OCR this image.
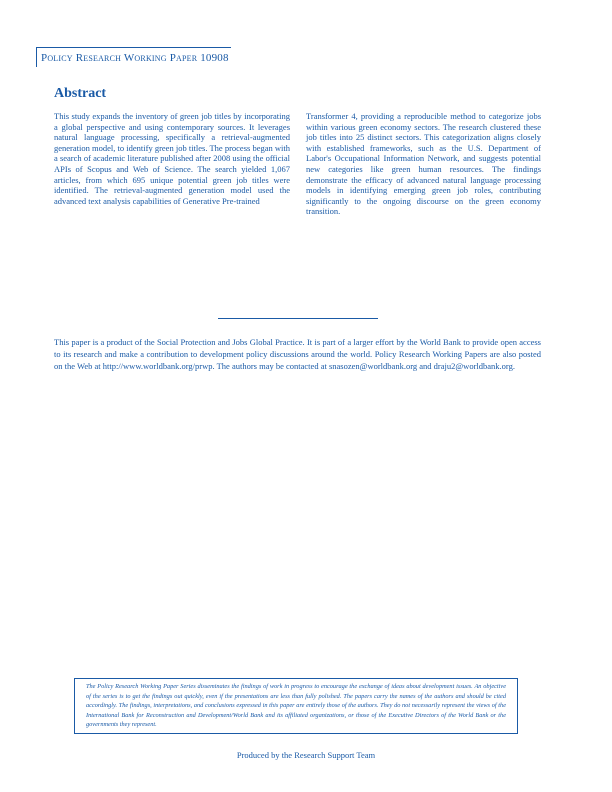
Policy Research Working Paper 10908
Abstract

This study expands the inventory of green job titles by incorporating a global perspective and using contemporary sources. It leverages natural language processing, specifically a retrieval-augmented generation model, to identify green job titles. The process began with a search of academic literature published after 2008 using the official APIs of Scopus and Web of Science. The search yielded 1,067 articles, from which 695 unique potential green job titles were identified. The retrieval-augmented generation model used the advanced text analysis capabilities of Generative Pre-trained

Transformer 4, providing a reproducible method to categorize jobs within various green economy sectors. The research clustered these job titles into 25 distinct sectors. This categorization aligns closely with established frameworks, such as the U.S. Department of Labor's Occupational Information Network, and suggests potential new categories like green human resources. The findings demonstrate the efficacy of advanced natural language processing models in identifying emerging green job roles, contributing significantly to the ongoing discourse on the green economy transition.

This paper is a product of the Social Protection and Jobs Global Practice. It is part of a larger effort by the World Bank to provide open access to its research and make a contribution to development policy discussions around the world. Policy Research Working Papers are also posted on the Web at http://www.worldbank.org/prwp. The authors may be contacted at snasozen@worldbank.org and draju2@worldbank.org.

The Policy Research Working Paper Series disseminates the findings of work in progress to encourage the exchange of ideas about development issues. An objective of the series is to get the findings out quickly, even if the presentations are less than fully polished. The papers carry the names of the authors and should be cited accordingly. The findings, interpretations, and conclusions expressed in this paper are entirely those of the authors. They do not necessarily represent the views of the International Bank for Reconstruction and Development/World Bank and its affiliated organizations, or those of the Executive Directors of the World Bank or the governments they represent.

Produced by the Research Support Team
